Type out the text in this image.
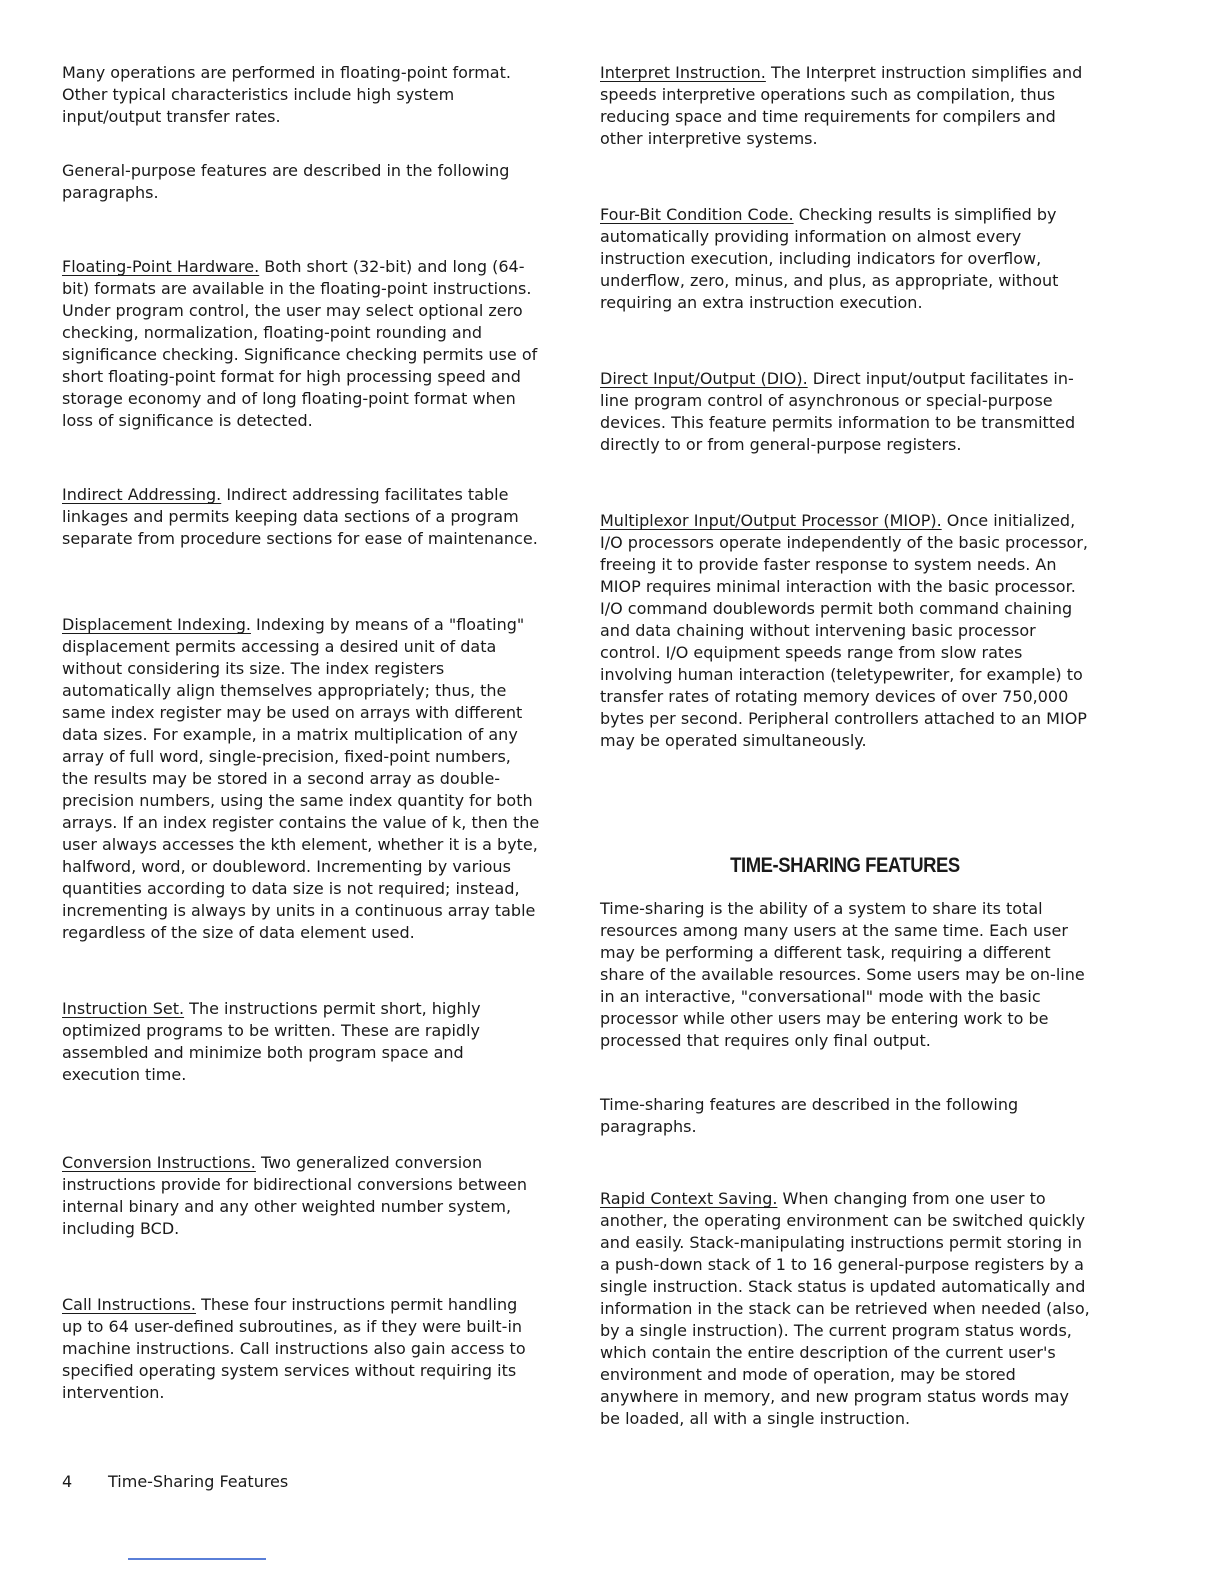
Many operations are performed in floating-point format. Other typical characteristics include high system input/output transfer rates.

General-purpose features are described in the following paragraphs.

Floating-Point Hardware. Both short (32-bit) and long (64-bit) formats are available in the floating-point instructions. Under program control, the user may select optional zero checking, normalization, floating-point rounding and significance checking. Significance checking permits use of short floating-point format for high processing speed and storage economy and of long floating-point format when loss of significance is detected.

Indirect Addressing. Indirect addressing facilitates table linkages and permits keeping data sections of a program separate from procedure sections for ease of maintenance.

Displacement Indexing. Indexing by means of a "floating" displacement permits accessing a desired unit of data without considering its size. The index registers automatically align themselves appropriately; thus, the same index register may be used on arrays with different data sizes. For example, in a matrix multiplication of any array of full word, single-precision, fixed-point numbers, the results may be stored in a second array as double-precision numbers, using the same index quantity for both arrays. If an index register contains the value of k, then the user always accesses the kth element, whether it is a byte, halfword, word, or doubleword. Incrementing by various quantities according to data size is not required; instead, incrementing is always by units in a continuous array table regardless of the size of data element used.

Instruction Set. The instructions permit short, highly optimized programs to be written. These are rapidly assembled and minimize both program space and execution time.

Conversion Instructions. Two generalized conversion instructions provide for bidirectional conversions between internal binary and any other weighted number system, including BCD.

Call Instructions. These four instructions permit handling up to 64 user-defined subroutines, as if they were built-in machine instructions. Call instructions also gain access to specified operating system services without requiring its intervention.

Interpret Instruction. The Interpret instruction simplifies and speeds interpretive operations such as compilation, thus reducing space and time requirements for compilers and other interpretive systems.

Four-Bit Condition Code. Checking results is simplified by automatically providing information on almost every instruction execution, including indicators for overflow, underflow, zero, minus, and plus, as appropriate, without requiring an extra instruction execution.

Direct Input/Output (DIO). Direct input/output facilitates in-line program control of asynchronous or special-purpose devices. This feature permits information to be transmitted directly to or from general-purpose registers.

Multiplexor Input/Output Processor (MIOP). Once initialized, I/O processors operate independently of the basic processor, freeing it to provide faster response to system needs. An MIOP requires minimal interaction with the basic processor. I/O command doublewords permit both command chaining and data chaining without intervening basic processor control. I/O equipment speeds range from slow rates involving human interaction (teletypewriter, for example) to transfer rates of rotating memory devices of over 750,000 bytes per second. Peripheral controllers attached to an MIOP may be operated simultaneously.

TIME-SHARING FEATURES

Time-sharing is the ability of a system to share its total resources among many users at the same time. Each user may be performing a different task, requiring a different share of the available resources. Some users may be on-line in an interactive, "conversational" mode with the basic processor while other users may be entering work to be processed that requires only final output.

Time-sharing features are described in the following paragraphs.

Rapid Context Saving. When changing from one user to another, the operating environment can be switched quickly and easily. Stack-manipulating instructions permit storing in a push-down stack of 1 to 16 general-purpose registers by a single instruction. Stack status is updated automatically and information in the stack can be retrieved when needed (also, by a single instruction). The current program status words, which contain the entire description of the current user's environment and mode of operation, may be stored anywhere in memory, and new program status words may be loaded, all with a single instruction.

4 Time-Sharing Features
